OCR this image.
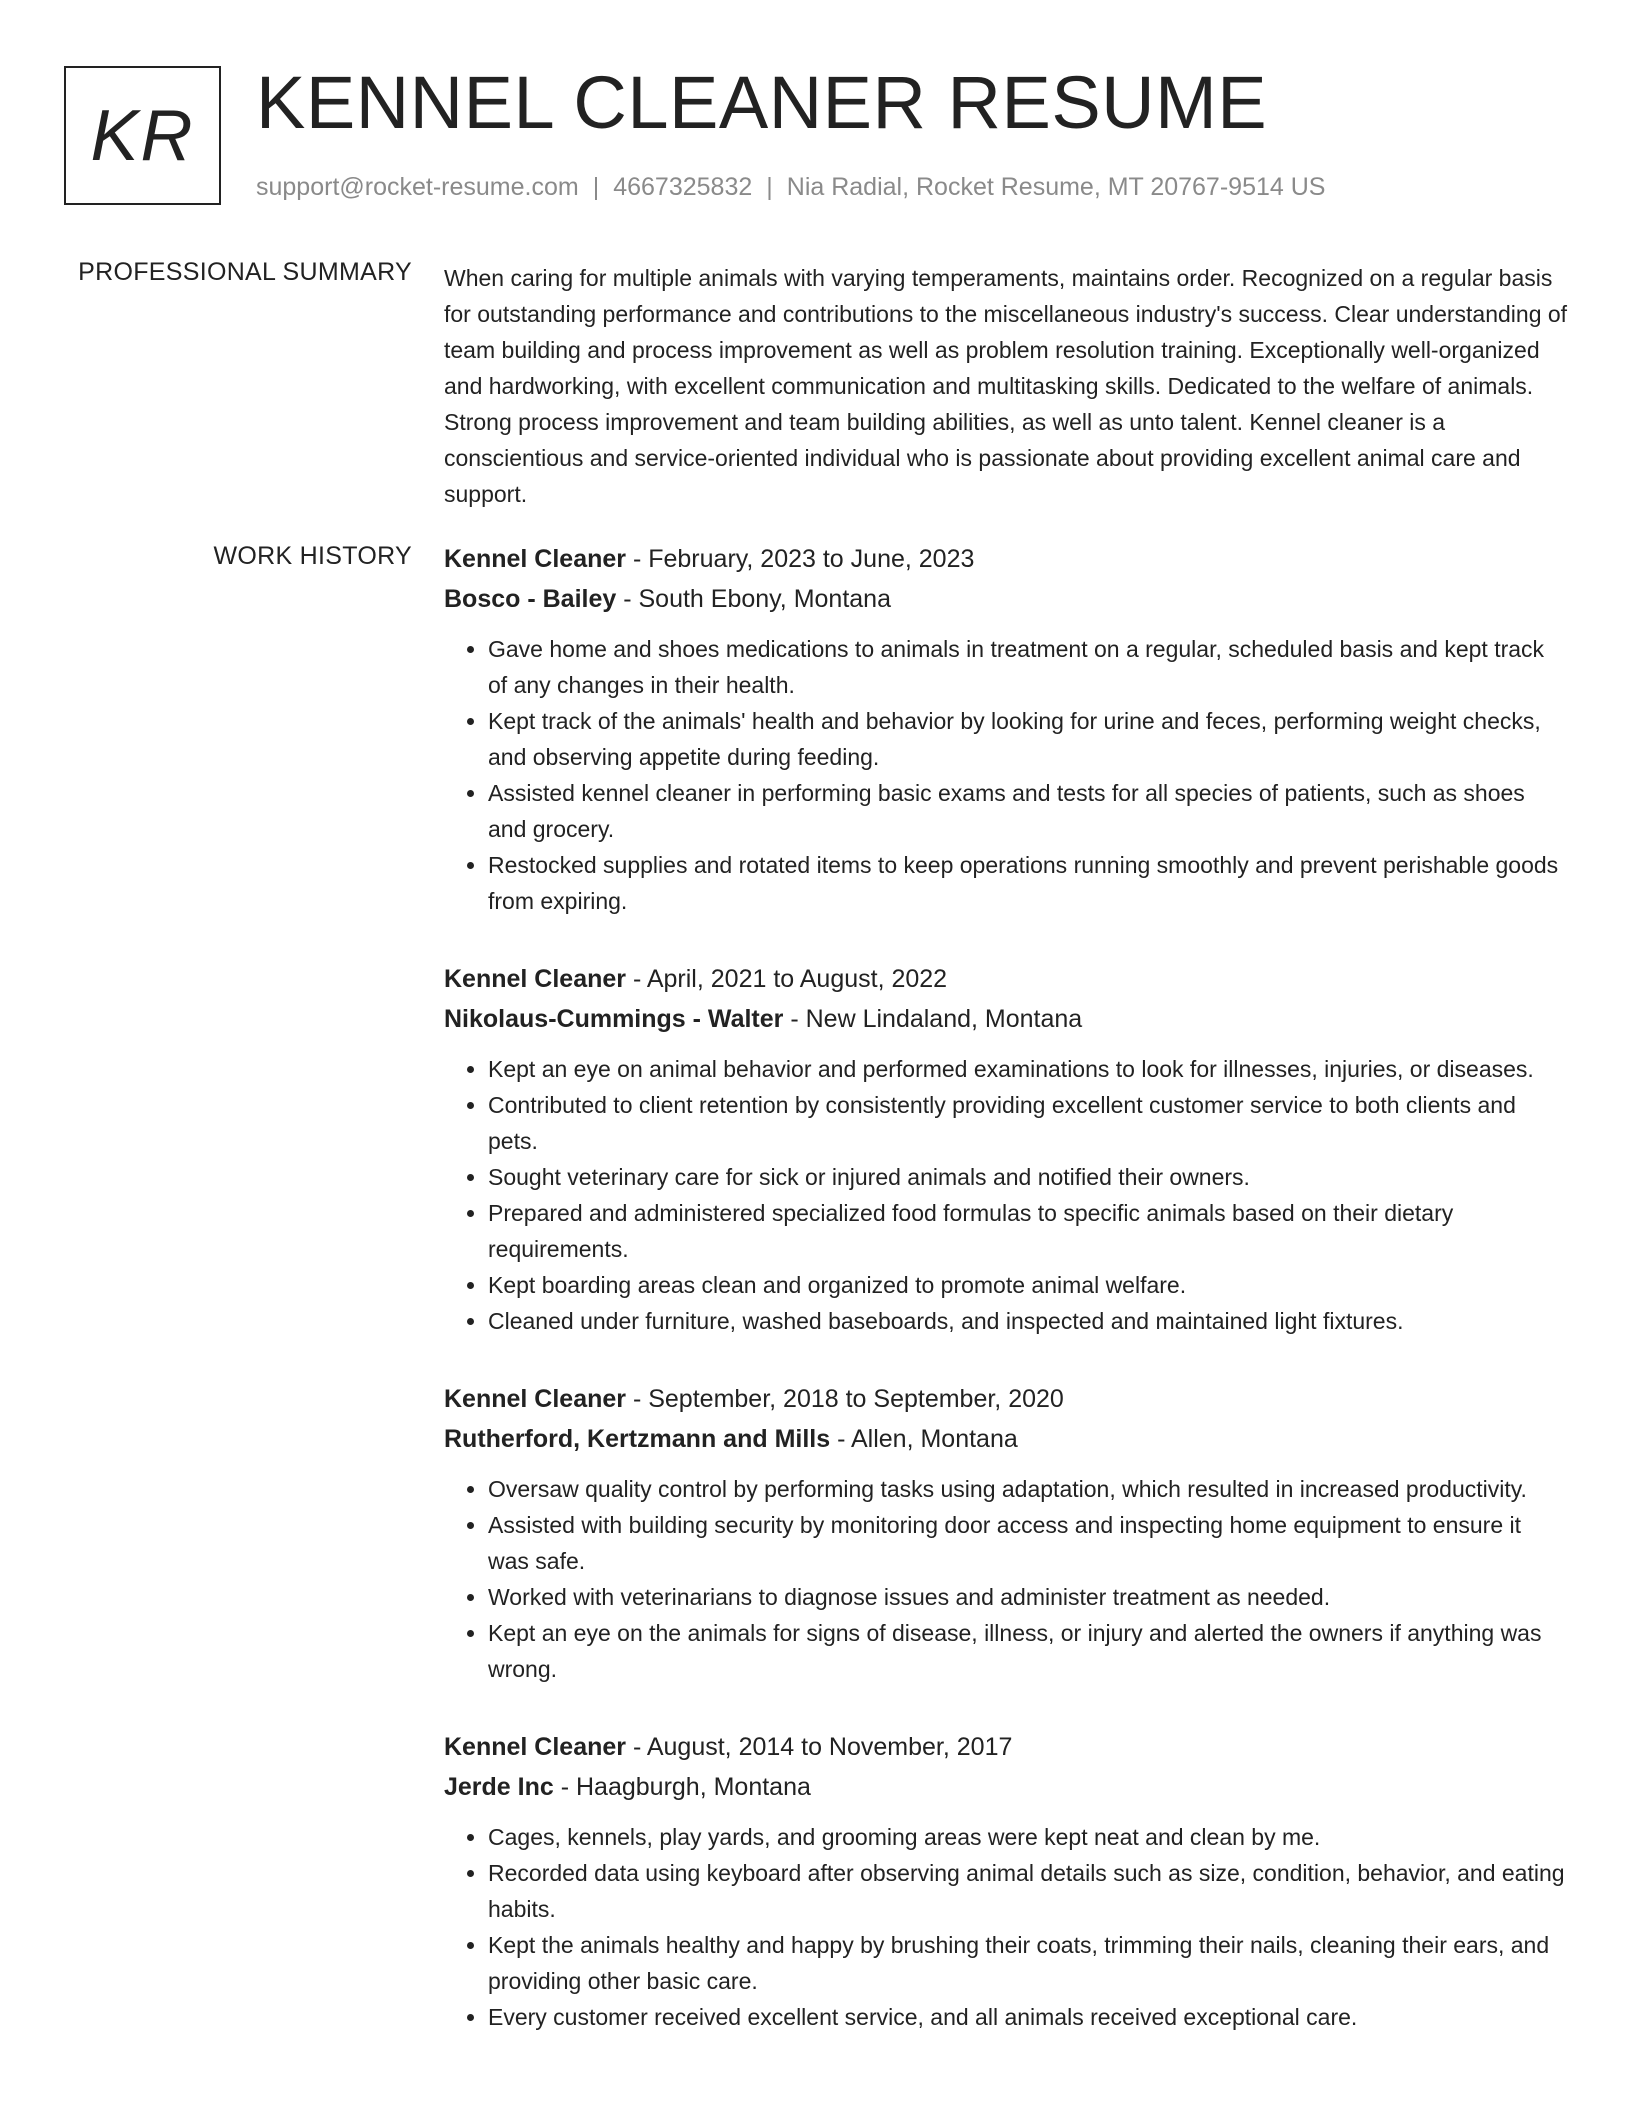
KR KENNEL CLEANER RESUME
support@rocket-resume.com | 4667325832 | Nia Radial, Rocket Resume, MT 20767-9514 US
PROFESSIONAL SUMMARY When caring for multiple animals with varying temperaments, maintains order. Recognized on a regular basis for outstanding performance and contributions to the miscellaneous industry's success. Clear understanding of team building and process improvement as well as problem resolution training. Exceptionally well-organized and hardworking, with excellent communication and multitasking skills. Dedicated to the welfare of animals. Strong process improvement and team building abilities, as well as unto talent. Kennel cleaner is a conscientious and service-oriented individual who is passionate about providing excellent animal care and support.

WORK HISTORY Kennel Cleaner - February, 2023 to June, 2023
Bosco - Bailey - South Ebony, Montana
• Gave home and shoes medications to animals in treatment on a regular, scheduled basis and kept track of any changes in their health.
• Kept track of the animals' health and behavior by looking for urine and feces, performing weight checks, and observing appetite during feeding.
• Assisted kennel cleaner in performing basic exams and tests for all species of patients, such as shoes and grocery.
• Restocked supplies and rotated items to keep operations running smoothly and prevent perishable goods from expiring.
Kennel Cleaner - April, 2021 to August, 2022
Nikolaus-Cummings - Walter - New Lindaland, Montana
• Kept an eye on animal behavior and performed examinations to look for illnesses, injuries, or diseases.
• Contributed to client retention by consistently providing excellent customer service to both clients and pets.
• Sought veterinary care for sick or injured animals and notified their owners.
• Prepared and administered specialized food formulas to specific animals based on their dietary requirements.
• Kept boarding areas clean and organized to promote animal welfare.
• Cleaned under furniture, washed baseboards, and inspected and maintained light fixtures.
Kennel Cleaner - September, 2018 to September, 2020
Rutherford, Kertzmann and Mills - Allen, Montana
• Oversaw quality control by performing tasks using adaptation, which resulted in increased productivity.
• Assisted with building security by monitoring door access and inspecting home equipment to ensure it was safe.
• Worked with veterinarians to diagnose issues and administer treatment as needed.
• Kept an eye on the animals for signs of disease, illness, or injury and alerted the owners if anything was wrong.
Kennel Cleaner - August, 2014 to November, 2017
Jerde Inc - Haagburgh, Montana
• Cages, kennels, play yards, and grooming areas were kept neat and clean by me.
• Recorded data using keyboard after observing animal details such as size, condition, behavior, and eating habits.
• Kept the animals healthy and happy by brushing their coats, trimming their nails, cleaning their ears, and providing other basic care.
• Every customer received excellent service, and all animals received exceptional care.
